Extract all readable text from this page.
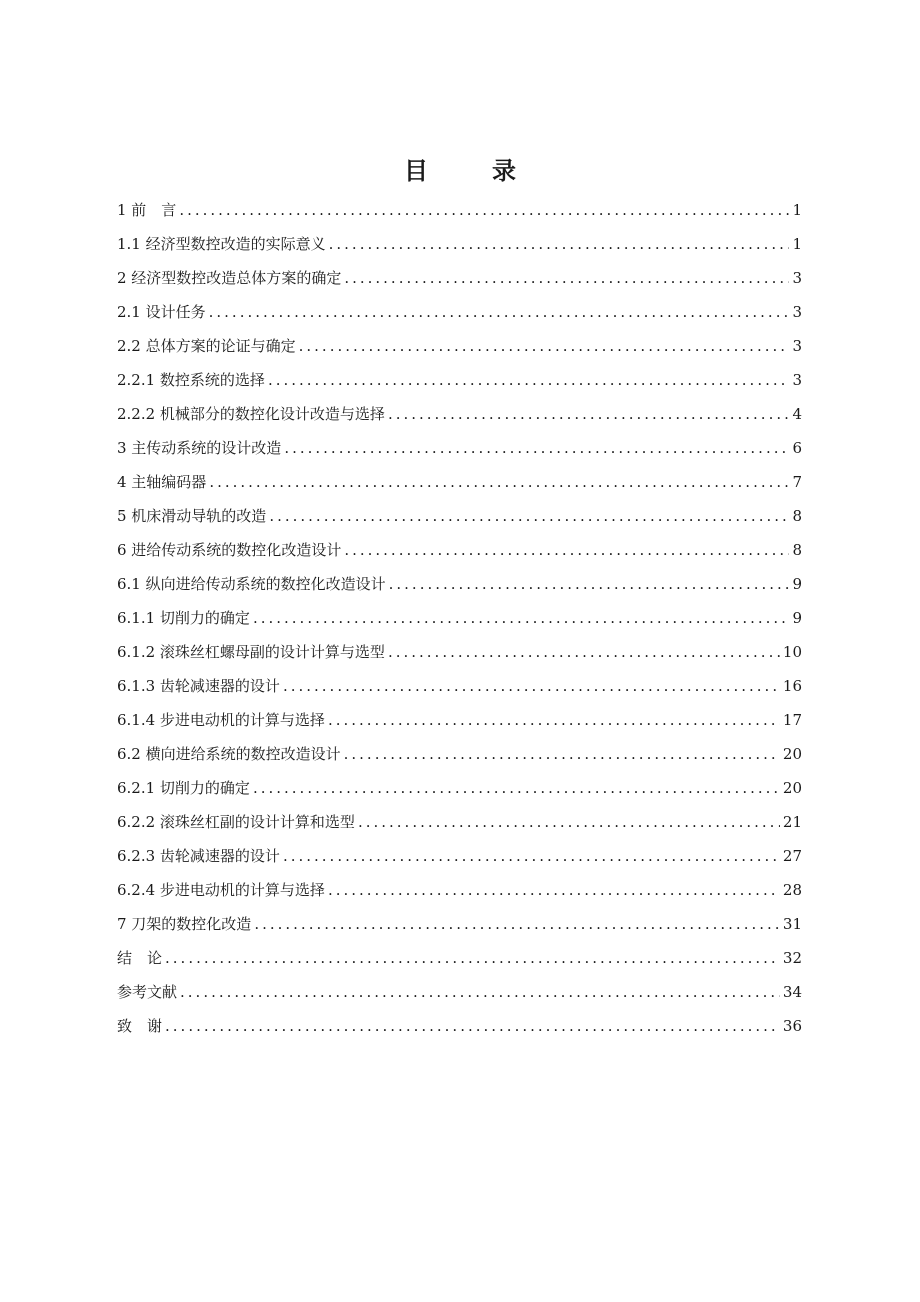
目　录
1 前　言 .....	1
1.1 经济型数控改造的实际意义 .....	1
2 经济型数控改造总体方案的确定 .....	3
2.1 设计任务 .....	3
2.2 总体方案的论证与确定 .....	3
2.2.1 数控系统的选择 .....	3
2.2.2 机械部分的数控化设计改造与选择 .....	4
3 主传动系统的设计改造 .....	6
4 主轴编码器 .....	7
5 机床滑动导轨的改造 .....	8
6 进给传动系统的数控化改造设计 .....	8
6.1 纵向进给传动系统的数控化改造设计 .....	9
6.1.1 切削力的确定 .....	9
6.1.2 滚珠丝杠螺母副的设计计算与选型 .....	10
6.1.3 齿轮减速器的设计 .....	16
6.1.4 步进电动机的计算与选择 .....	17
6.2 横向进给系统的数控改造设计 .....	20
6.2.1 切削力的确定 .....	20
6.2.2 滚珠丝杠副的设计计算和选型 .....	21
6.2.3 齿轮减速器的设计 .....	27
6.2.4 步进电动机的计算与选择 .....	28
7 刀架的数控化改造 .....	31
结　论 .....	32
参考文献 .....	34
致　谢 .....	36
